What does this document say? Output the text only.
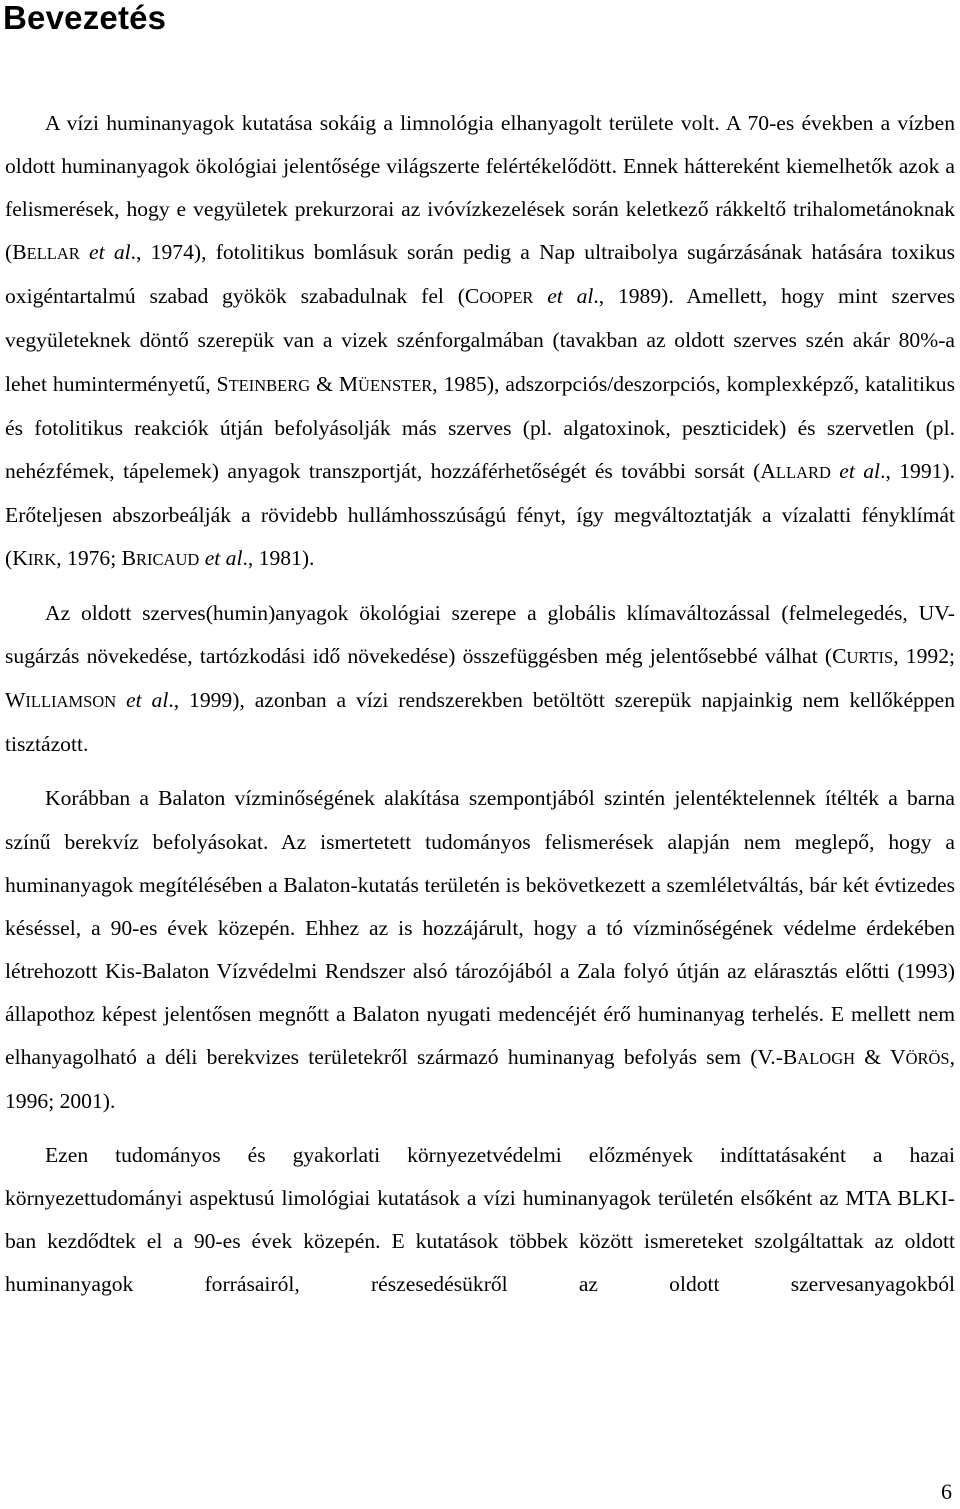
Bevezetés

A vízi huminanyagok kutatása sokáig a limnológia elhanyagolt területe volt. A 70-es években a vízben oldott huminanyagok ökológiai jelentősége világszerte felértékelődött. Ennek háttereként kiemelhetők azok a felismerések, hogy e vegyületek prekurzorai az ivóvízkezelések során keletkező rákkeltő trihalometánoknak (BELLAR et al., 1974), fotolitikus bomlásuk során pedig a Nap ultraibolya sugárzásának hatására toxikus oxigéntartalmú szabad gyökök szabadulnak fel (COOPER et al., 1989). Amellett, hogy mint szerves vegyületeknek döntő szerepük van a vizek szénforgalmában (tavakban az oldott szerves szén akár 80%-a lehet huminterményetű, STEINBERG & MÜENSTER, 1985), adszorpciós/deszorpciós, komplexképző, katalitikus és fotolitikus reakciók útján befolyásolják más szerves (pl. algatoxinok, peszticidek) és szervetlen (pl. nehézfémek, tápelemek) anyagok transzportját, hozzáférhetőségét és további sorsát (ALLARD et al., 1991). Erőteljesen abszorbeálják a rövidebb hullámhosszúságú fényt, így megváltoztatják a vízalatti fényklímát (KIRK, 1976; BRICAUD et al., 1981).

Az oldott szerves(humin)anyagok ökológiai szerepe a globális klímaváltozással (felmelegedés, UV-sugárzás növekedése, tartózkodási idő növekedése) összefüggésben még jelentősebbé válhat (CURTIS, 1992; WILLIAMSON et al., 1999), azonban a vízi rendszerekben betöltött szerepük napjainkig nem kellőképpen tisztázott.

Korábban a Balaton vízminőségének alakítása szempontjából szintén jelentéktelennek ítélték a barna színű berekvíz befolyásokat. Az ismertetett tudományos felismerések alapján nem meglepő, hogy a huminanyagok megítélésében a Balaton-kutatás területén is bekövetkezett a szemléletváltás, bár két évtizedes késéssel, a 90-es évek közepén. Ehhez az is hozzájárult, hogy a tó vízminőségének védelme érdekében létrehozott Kis-Balaton Vízvédelmi Rendszer alsó tározójából a Zala folyó útján az elárasztás előtti (1993) állapothoz képest jelentősen megnőtt a Balaton nyugati medencéjét érő huminanyag terhelés. E mellett nem elhanyagolható a déli berekvizes területekről származó huminanyag befolyás sem (V.-BALOGH & VÖRÖS, 1996; 2001).

Ezen tudományos és gyakorlati környezetvédelmi előzmények indíttatásaként a hazai környezettudományi aspektusú limológiai kutatások a vízi huminanyagok területén elsőként az MTA BLKI-ban kezdődtek el a 90-es évek közepén. E kutatások többek között ismereteket szolgáltattak az oldott huminanyagok forrásairól, részesedésükről az oldott szervesanyagokból

6
